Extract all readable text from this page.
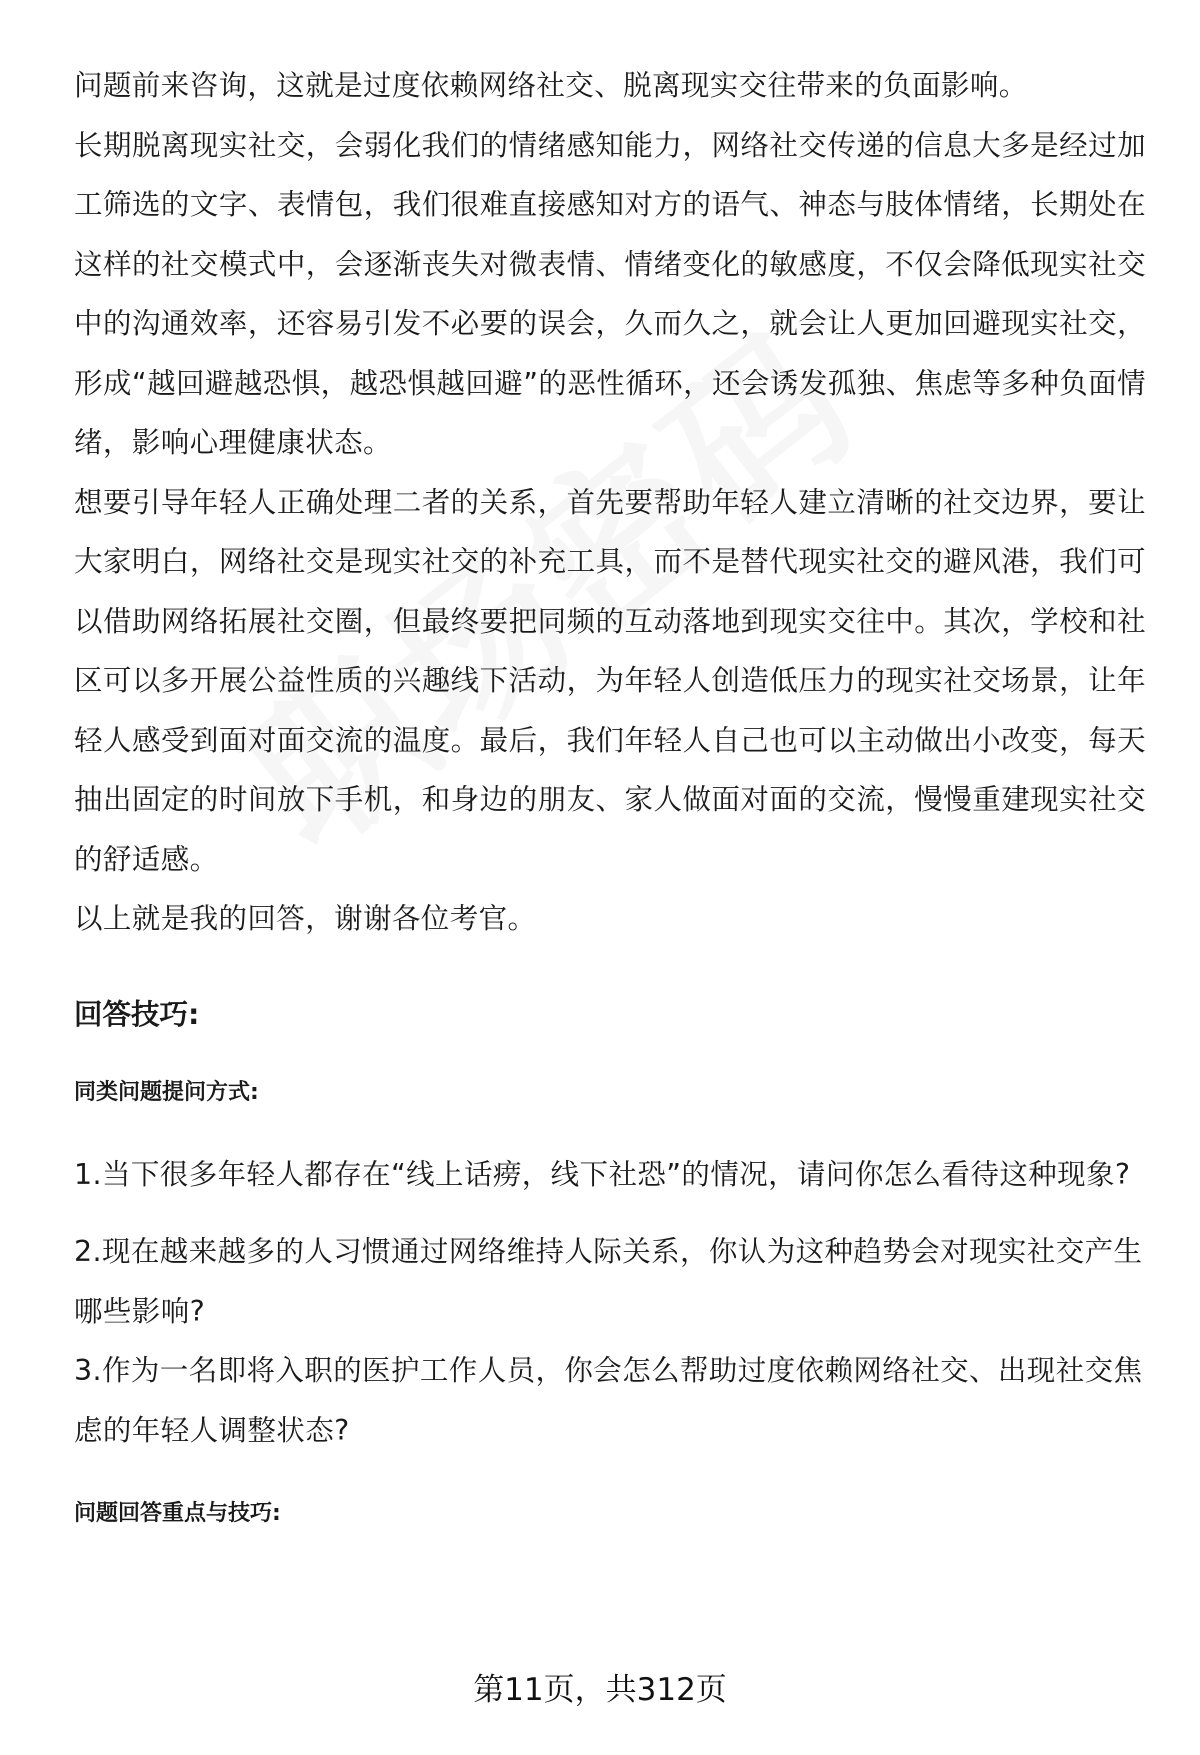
问题前来咨询，这就是过度依赖网络社交、脱离现实交往带来的负面影响。

长期脱离现实社交，会弱化我们的情绪感知能力，网络社交传递的信息大多是经过加工筛选的文字、表情包，我们很难直接感知对方的语气、神态与肢体情绪，长期处在这样的社交模式中，会逐渐丧失对微表情、情绪变化的敏感度，不仅会降低现实社交中的沟通效率，还容易引发不必要的误会，久而久之，就会让人更加回避现实社交，形成“越回避越恐惧，越恐惧越回避”的恶性循环，还会诱发孤独、焦虑等多种负面情绪，影响心理健康状态。

想要引导年轻人正确处理二者的关系，首先要帮助年轻人建立清晰的社交边界，要让大家明白，网络社交是现实社交的补充工具，而不是替代现实社交的避风港，我们可以借助网络拓展社交圈，但最终要把同频的互动落地到现实交往中。其次，学校和社区可以多开展公益性质的兴趣线下活动，为年轻人创造低压力的现实社交场景，让年轻人感受到面对面交流的温度。最后，我们年轻人自己也可以主动做出小改变，每天抽出固定的时间放下手机，和身边的朋友、家人做面对面的交流，慢慢重建现实社交的舒适感。

以上就是我的回答，谢谢各位考官。

回答技巧:

同类问题提问方式:

1.当下很多年轻人都存在“线上话痨，线下社恐”的情况，请问你怎么看待这种现象?

2.现在越来越多的人习惯通过网络维持人际关系，你认为这种趋势会对现实社交产生哪些影响?

3.作为一名即将入职的医护工作人员，你会怎么帮助过度依赖网络社交、出现社交焦虑的年轻人调整状态?

问题回答重点与技巧:

第11页，共312页
